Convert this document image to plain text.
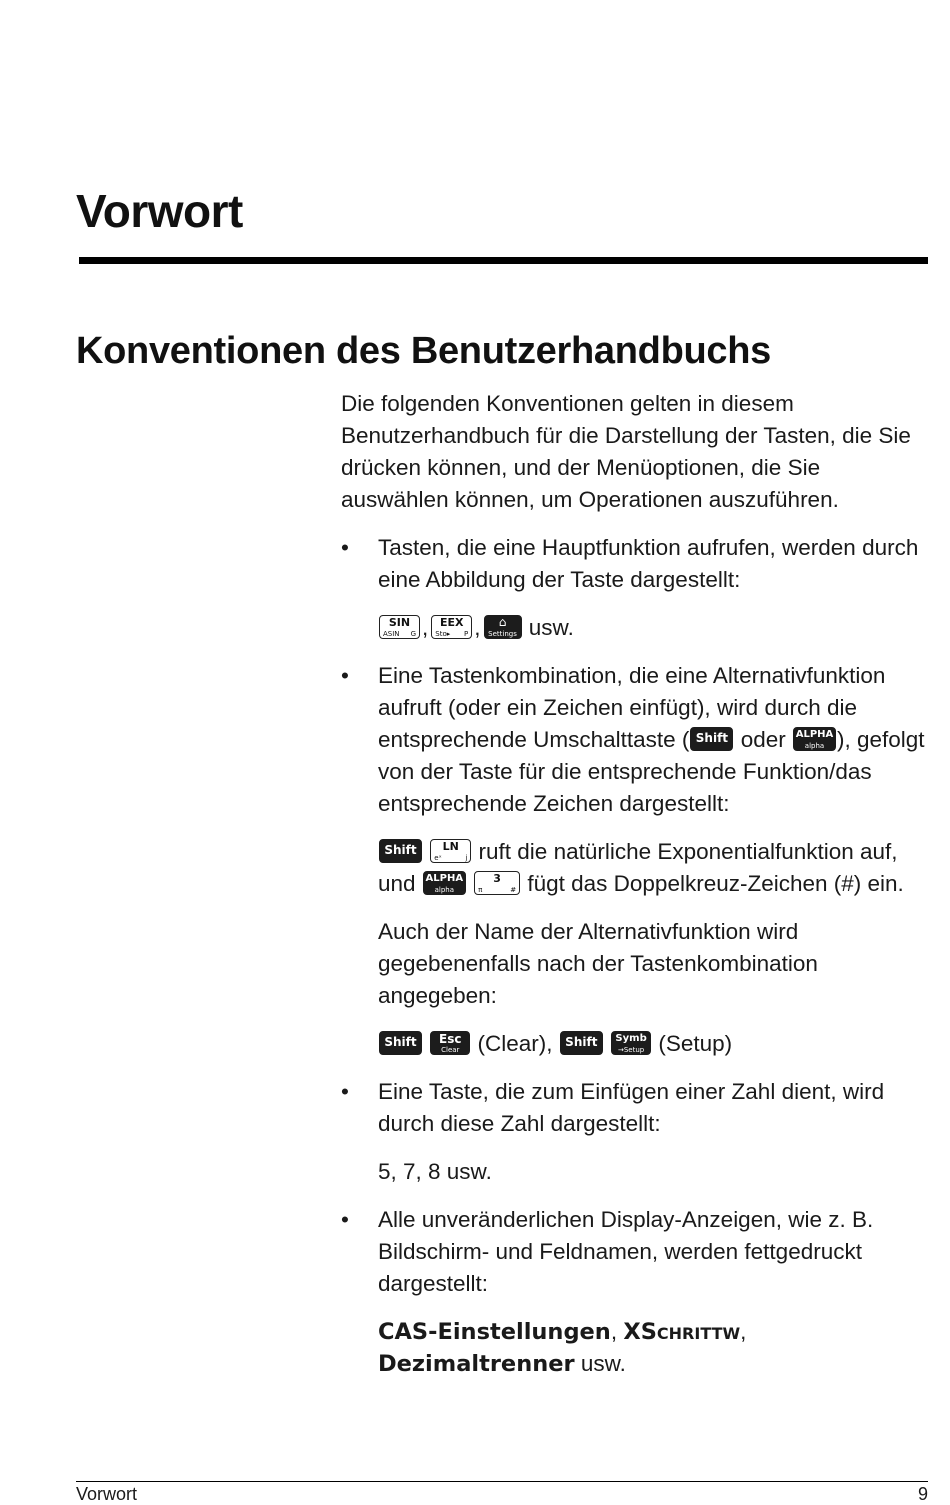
Vorwort
Konventionen des Benutzerhandbuchs

Die folgenden Konventionen gelten in diesem Benutzerhandbuch für die Darstellung der Tasten, die Sie drücken können, und der Menüoptionen, die Sie auswählen können, um Operationen auszuführen.

• Tasten, die eine Hauptfunktion aufrufen, werden durch eine Abbildung der Taste dargestellt:

SIN
ASIN G ,	EEX
Sto▸ P ,	⌂
Settings usw.

• Eine Tastenkombination, die eine Alternativfunktion aufruft (oder ein Zeichen einfügt), wird durch die entsprechende Umschalttaste ( Shift oder ALPHA
alpha ), gefolgt von der Taste für die entsprechende Funktion/das entsprechende Zeichen dargestellt:

Shift
	LN
eˣ	j ruft die natürliche Exponentialfunktion auf,
und ALPHA
alpha

3
π	# fügt das Doppelkreuz-Zeichen (#) ein.

Auch der Name der Alternativfunktion wird gegebenenfalls nach der Tastenkombination angegeben:

Shift
	Esc
Clear (Clear),	Shift
	Symb
→Setup (Setup)

• Eine Taste, die zum Einfügen einer Zahl dient, wird durch diese Zahl dargestellt:

5, 7, 8 usw.

• Alle unveränderlichen Display-Anzeigen, wie z. B. Bildschirm- und Feldnamen, werden fettgedruckt dargestellt:

CAS-Einstellungen, XSchrittw,
Dezimaltrenner usw.

Vorwort	9
